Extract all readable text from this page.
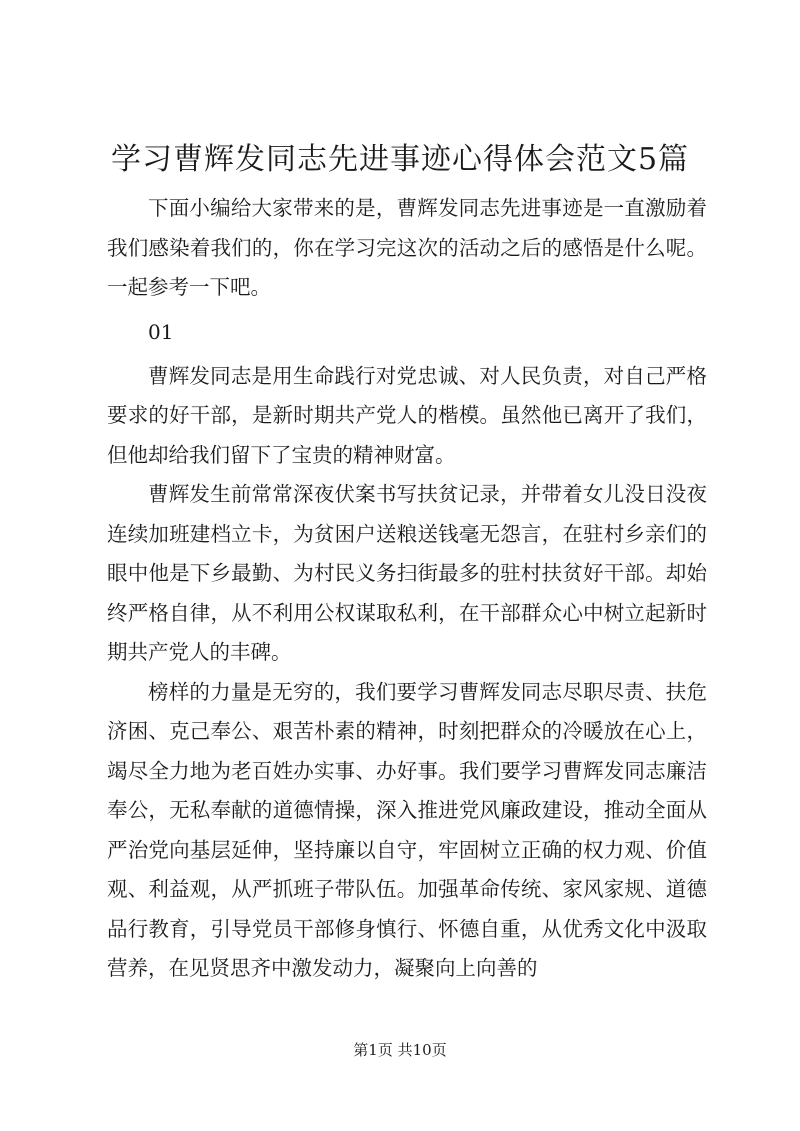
学习曹辉发同志先进事迹心得体会范文5篇

下面小编给大家带来的是，曹辉发同志先进事迹是一直激励着我们感染着我们的，你在学习完这次的活动之后的感悟是什么呢。一起参考一下吧。

01

曹辉发同志是用生命践行对党忠诚、对人民负责，对自己严格要求的好干部，是新时期共产党人的楷模。虽然他已离开了我们，但他却给我们留下了宝贵的精神财富。

曹辉发生前常常深夜伏案书写扶贫记录，并带着女儿没日没夜连续加班建档立卡，为贫困户送粮送钱毫无怨言，在驻村乡亲们的眼中他是下乡最勤、为村民义务扫街最多的驻村扶贫好干部。却始终严格自律，从不利用公权谋取私利，在干部群众心中树立起新时期共产党人的丰碑。

榜样的力量是无穷的，我们要学习曹辉发同志尽职尽责、扶危济困、克己奉公、艰苦朴素的精神，时刻把群众的冷暖放在心上，竭尽全力地为老百姓办实事、办好事。我们要学习曹辉发同志廉洁奉公，无私奉献的道德情操，深入推进党风廉政建设，推动全面从严治党向基层延伸，坚持廉以自守，牢固树立正确的权力观、价值观、利益观，从严抓班子带队伍。加强革命传统、家风家规、道德品行教育，引导党员干部修身慎行、怀德自重，从优秀文化中汲取营养，在见贤思齐中激发动力，凝聚向上向善的

第1页 共10页
